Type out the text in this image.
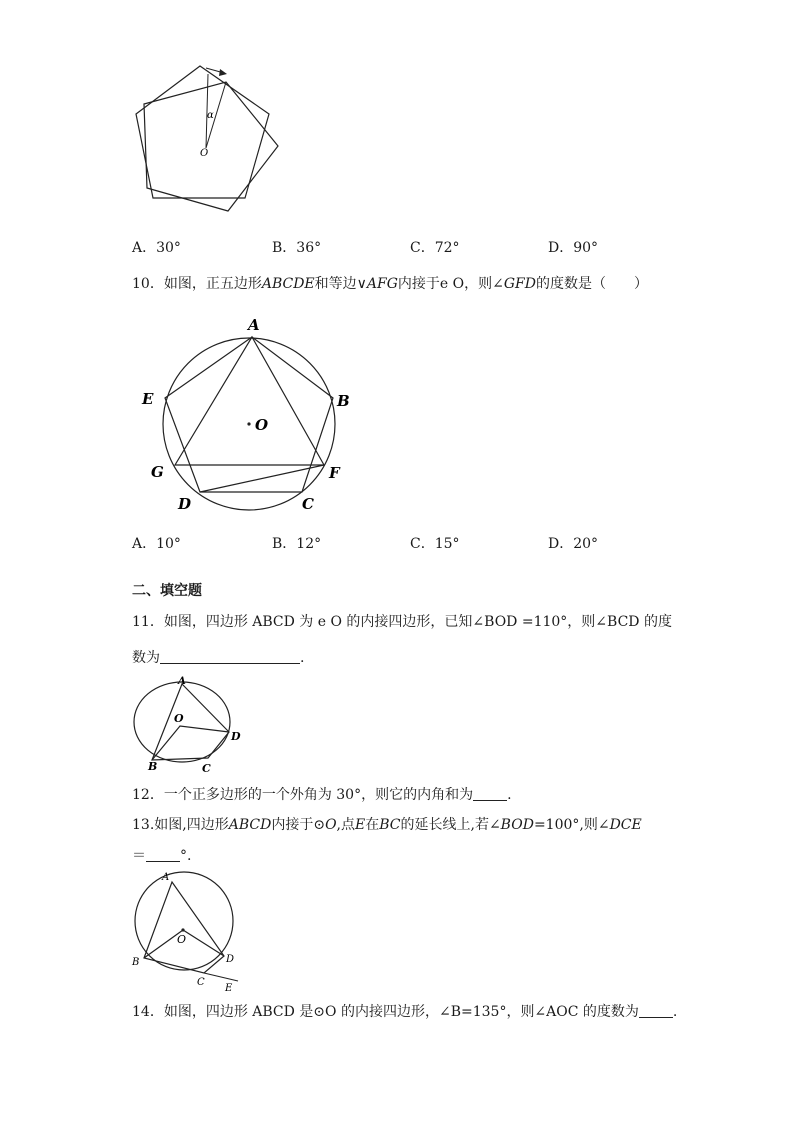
α
O
A．30°	B．36°	C．72°	D．90°
10．如图，正五边形ABCDE和等边∨AFG内接于e O，则∠GFD的度数是（　　）
A
B
C
D
E
F
G
O
A．10°	B．12°	C．15°	D．20°
二、填空题
11．如图，四边形 ABCD 为 e O 的内接四边形，已知∠BOD =110°，则∠BCD 的度
数为	.
A
O
D
B	C
12．一个正多边形的一个外角为 30°，则它的内角和为 .
13.如图,四边形ABCD内接于⊙O,点E在BC的延长线上,若∠BOD=100°,则∠DCE
＝ °.
A
O
B
C
D
E
14．如图，四边形 ABCD 是⊙O 的内接四边形，∠B=135°，则∠AOC 的度数为 .
